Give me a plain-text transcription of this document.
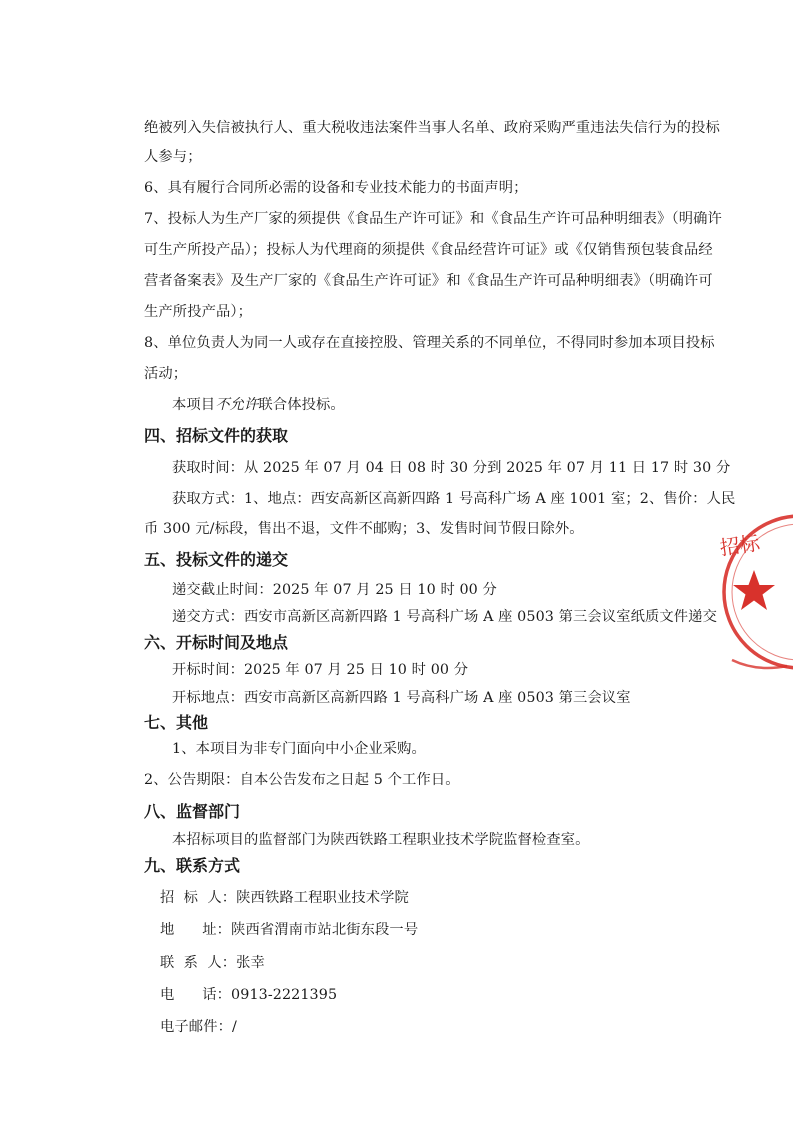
绝被列入失信被执行人、重大税收违法案件当事人名单、政府采购严重违法失信行为的投标

人参与；

6、具有履行合同所必需的设备和专业技术能力的书面声明；

7、投标人为生产厂家的须提供《食品生产许可证》和《食品生产许可品种明细表》（明确许

可生产所投产品）；投标人为代理商的须提供《食品经营许可证》或《仅销售预包装食品经

营者备案表》及生产厂家的《食品生产许可证》和《食品生产许可品种明细表》（明确许可

生产所投产品）；

8、单位负责人为同一人或存在直接控股、管理关系的不同单位，不得同时参加本项目投标

活动；

本项目不允许联合体投标。

四、招标文件的获取

获取时间：从 2025 年 07 月 04 日 08 时 30 分到 2025 年 07 月 11 日 17 时 30 分

获取方式：1、地点：西安高新区高新四路 1 号高科广场 A 座 1001 室；2、售价：人民

币 300 元/标段，售出不退，文件不邮购；3、发售时间节假日除外。

五、投标文件的递交

递交截止时间：2025 年 07 月 25 日 10 时 00 分

递交方式：西安市高新区高新四路 1 号高科广场 A 座 0503 第三会议室纸质文件递交

六、开标时间及地点

开标时间：2025 年 07 月 25 日 10 时 00 分

开标地点：西安市高新区高新四路 1 号高科广场 A 座 0503 第三会议室

七、其他

1、本项目为非专门面向中小企业采购。

2、公告期限：自本公告发布之日起 5 个工作日。

八、监督部门

本招标项目的监督部门为陕西铁路工程职业技术学院监督检查室。

九、联系方式

招  标  人：陕西铁路工程职业技术学院

地      址：陕西省渭南市站北街东段一号

联  系  人：张幸

电      话：0913-2221395

电子邮件：/

招标
